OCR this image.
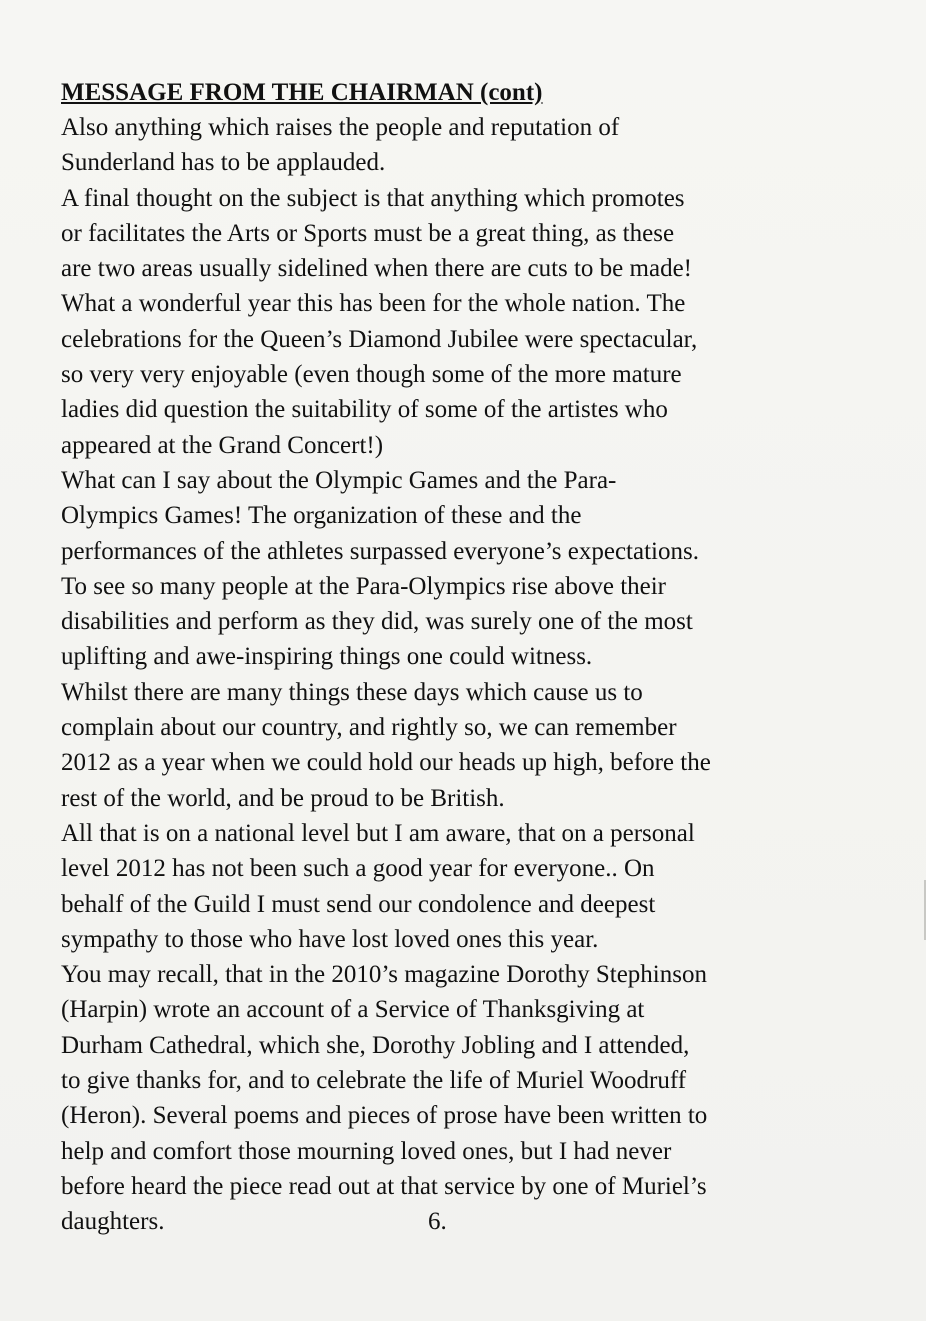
MESSAGE FROM THE CHAIRMAN (cont)
Also anything which raises the people and reputation of
Sunderland has to be applauded.
A final thought on the subject is that anything which promotes
or facilitates the Arts or Sports must be a great thing, as these
are two areas usually sidelined when there are cuts to be made!
What a wonderful year this has been for the whole nation. The
celebrations for the Queen’s Diamond Jubilee were spectacular,
so very very enjoyable (even though some of the more mature
ladies did question the suitability of some of the artistes who
appeared at the Grand Concert!)
What can I say about the Olympic Games and the Para-
Olympics Games! The organization of these and the
performances of the athletes surpassed everyone’s expectations.
To see so many people at the Para-Olympics rise above their
disabilities and perform as they did, was surely one of the most
uplifting and awe-inspiring things one could witness.
Whilst there are many things these days which cause us to
complain about our country, and rightly so, we can remember
2012 as a year when we could hold our heads up high, before the
rest of the world, and be proud to be British.
All that is on a national level but I am aware, that on a personal
level 2012 has not been such a good year for everyone.. On
behalf of the Guild I must send our condolence and deepest
sympathy to those who have lost loved ones this year.
You may recall, that in the 2010’s magazine Dorothy Stephinson
(Harpin) wrote an account of a Service of Thanksgiving at
Durham Cathedral, which she, Dorothy Jobling and I attended,
to give thanks for, and to celebrate the life of Muriel Woodruff
(Heron). Several poems and pieces of prose have been written to
help and comfort those mourning loved ones, but I had never
before heard the piece read out at that service by one of Muriel’s
daughters.	6.
